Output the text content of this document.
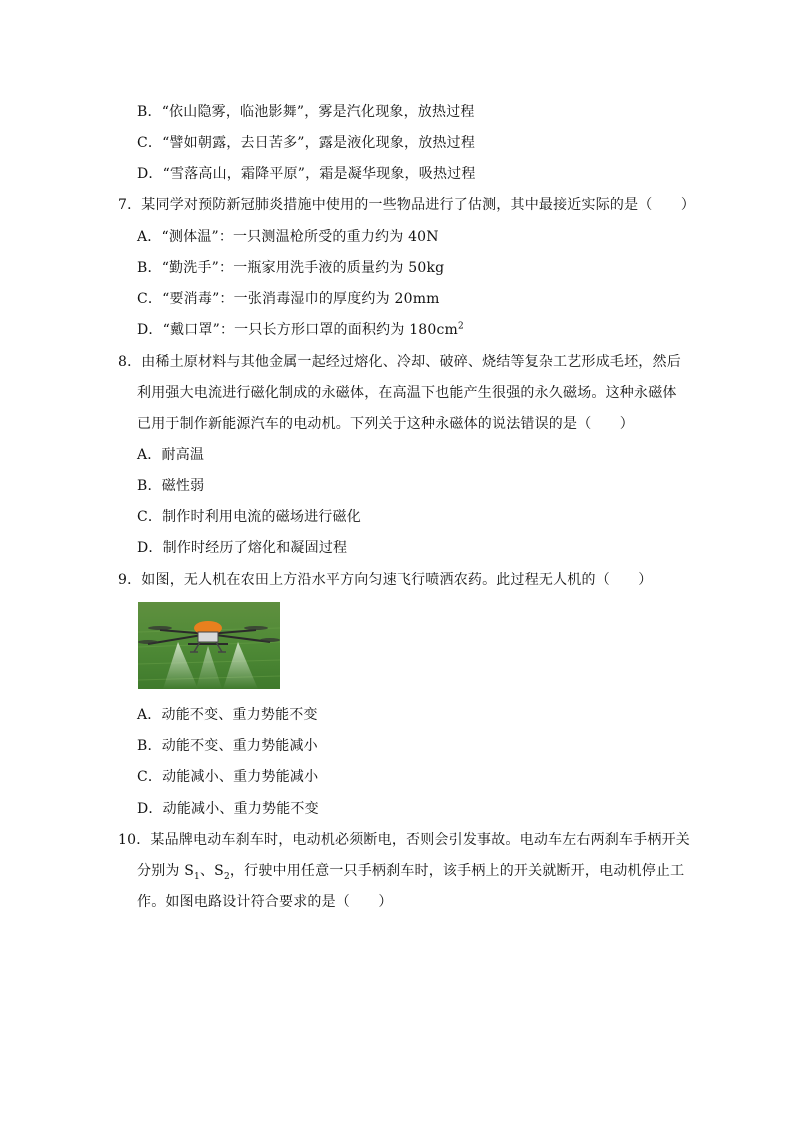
B．“依山隐雾，临池影舞”，雾是汽化现象，放热过程
C．“譬如朝露，去日苦多”，露是液化现象，放热过程
D．“雪落高山，霜降平原”，霜是凝华现象，吸热过程
7．某同学对预防新冠肺炎措施中使用的一些物品进行了估测，其中最接近实际的是（　　）
A．“测体温”：一只测温枪所受的重力约为 40N
B．“勤洗手”：一瓶家用洗手液的质量约为 50kg
C．“要消毒”：一张消毒湿巾的厚度约为 20mm
D．“戴口罩”：一只长方形口罩的面积约为 $180cm^2$
8．由稀土原材料与其他金属一起经过熔化、冷却、破碎、烧结等复杂工艺形成毛坯，然后
利用强大电流进行磁化制成的永磁体，在高温下也能产生很强的永久磁场。这种永磁体
已用于制作新能源汽车的电动机。下列关于这种永磁体的说法错误的是（　　）
A．耐高温
B．磁性弱
C．制作时利用电流的磁场进行磁化
D．制作时经历了熔化和凝固过程
9．如图，无人机在农田上方沿水平方向匀速飞行喷洒农药。此过程无人机的（　　）
A．动能不变、重力势能不变
B．动能不变、重力势能减小
C．动能减小、重力势能减小
D．动能减小、重力势能不变
10．某品牌电动车刹车时，电动机必须断电，否则会引发事故。电动车左右两刹车手柄开关
分别为 $S_1$、$S_2$，行驶中用任意一只手柄刹车时，该手柄上的开关就断开，电动机停止工
作。如图电路设计符合要求的是（　　）
